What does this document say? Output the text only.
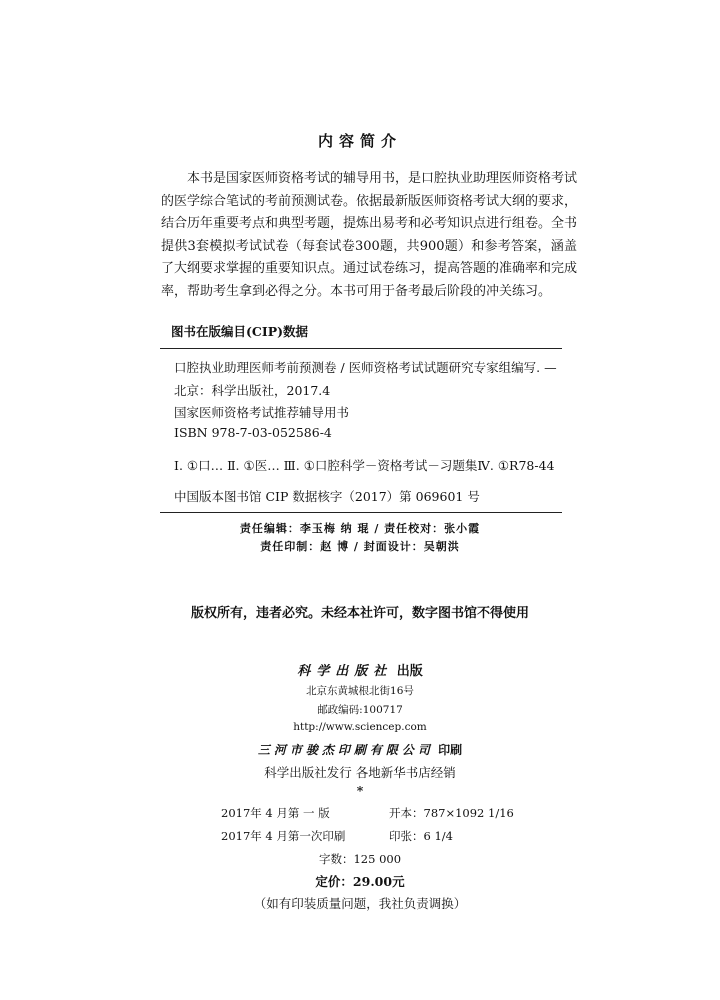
内容简介

本书是国家医师资格考试的辅导用书，是口腔执业助理医师资格考试的医学综合笔试的考前预测试卷。依据最新版医师资格考试大纲的要求，结合历年重要考点和典型考题，提炼出易考和必考知识点进行组卷。全书提供3套模拟考试试卷（每套试卷300题，共900题）和参考答案，涵盖了大纲要求掌握的重要知识点。通过试卷练习，提高答题的准确率和完成率，帮助考生拿到必得之分。本书可用于备考最后阶段的冲关练习。

图书在版编目(CIP)数据
口腔执业助理医师考前预测卷 / 医师资格考试试题研究专家组编写. —
北京：科学出版社，2017.4
国家医师资格考试推荐辅导用书
ISBN 978-7-03-052586-4
Ⅰ. ①口… Ⅱ. ①医… Ⅲ. ①口腔科学－资格考试－习题集Ⅳ. ①R78-44
中国版本图书馆 CIP 数据核字（2017）第 069601 号
责任编辑：李玉梅 纳 琨 / 责任校对：张小霞
责任印制：赵 博 / 封面设计：吴朝洪
版权所有，违者必究。未经本社许可，数字图书馆不得使用
科学出版社 出版
北京东黄城根北街16号
邮政编码:100717
http://www.sciencep.com
三河市骏杰印刷有限公司 印刷
科学出版社发行 各地新华书店经销
*
2017年 4 月第 一 版	开本：787×1092 1/16
2017年 4 月第一次印刷	印张：6 1/4
字数：125 000
定价：29.00元
（如有印装质量问题，我社负责调换）
